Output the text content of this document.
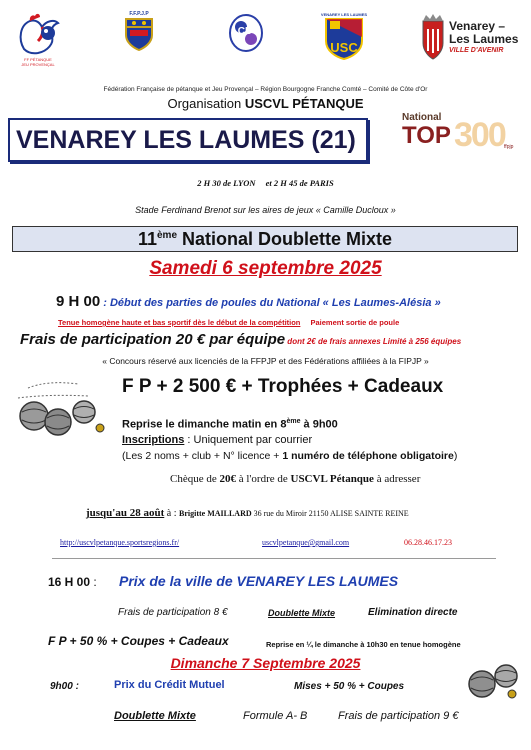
FF PÉTANQUE
JEU PROVENÇAL
F.F.P.J.P
CD
VENAREY LES LAUMES
USC
Venarey –
Les Laumes
VILLE D'AVENIR
Fédération Française de pétanque et Jeu Provençal – Région Bourgogne Franche Comté – Comité de Côte d'Or
Organisation USCVL PÉTANQUE
VENAREY LES LAUMES (21)
National
TOP 300 ffpjp
2 H 30 de LYON et 2 H 45 de PARIS
Stade Ferdinand Brenot sur les aires de jeux « Camille Ducloux »
11ème National Doublette Mixte
Samedi 6 septembre 2025
9 H 00 : Début des parties de poules du National « Les Laumes-Alésia »
Tenue homogène haute et bas sportif dès le début de la compétition Paiement sortie de poule
Frais de participation 20 € par équipe dont 2€ de frais annexes Limité à 256 équipes
« Concours réservé aux licenciés de la FFPJP et des Fédérations affiliées à la FIPJP »
F P + 2 500 € + Trophées + Cadeaux
Reprise le dimanche matin en 8ème à 9h00
Inscriptions : Uniquement par courrier
(Les 2 noms + club + N° licence + 1 numéro de téléphone obligatoire)
Chèque de 20€ à l'ordre de USCVL Pétanque à adresser
jusqu'au 28 août à : Brigitte MAILLARD 36 rue du Miroir 21150 ALISE SAINTE REINE
http://uscvlpetanque.sportsregions.fr/	uscvlpetanque@gmail.com	06.28.46.17.23
16 H 00 : Prix de la ville de VENAREY LES LAUMES
Frais de participation 8 €	Doublette Mixte	Elimination directe
F P + 50 % + Coupes + Cadeaux	Reprise en ¼ le dimanche à 10h30 en tenue homogène
Dimanche 7 Septembre 2025
9h00 :	Prix du Crédit Mutuel	Mises + 50 % + Coupes
Doublette Mixte	Formule A- B	Frais de participation 9 €
